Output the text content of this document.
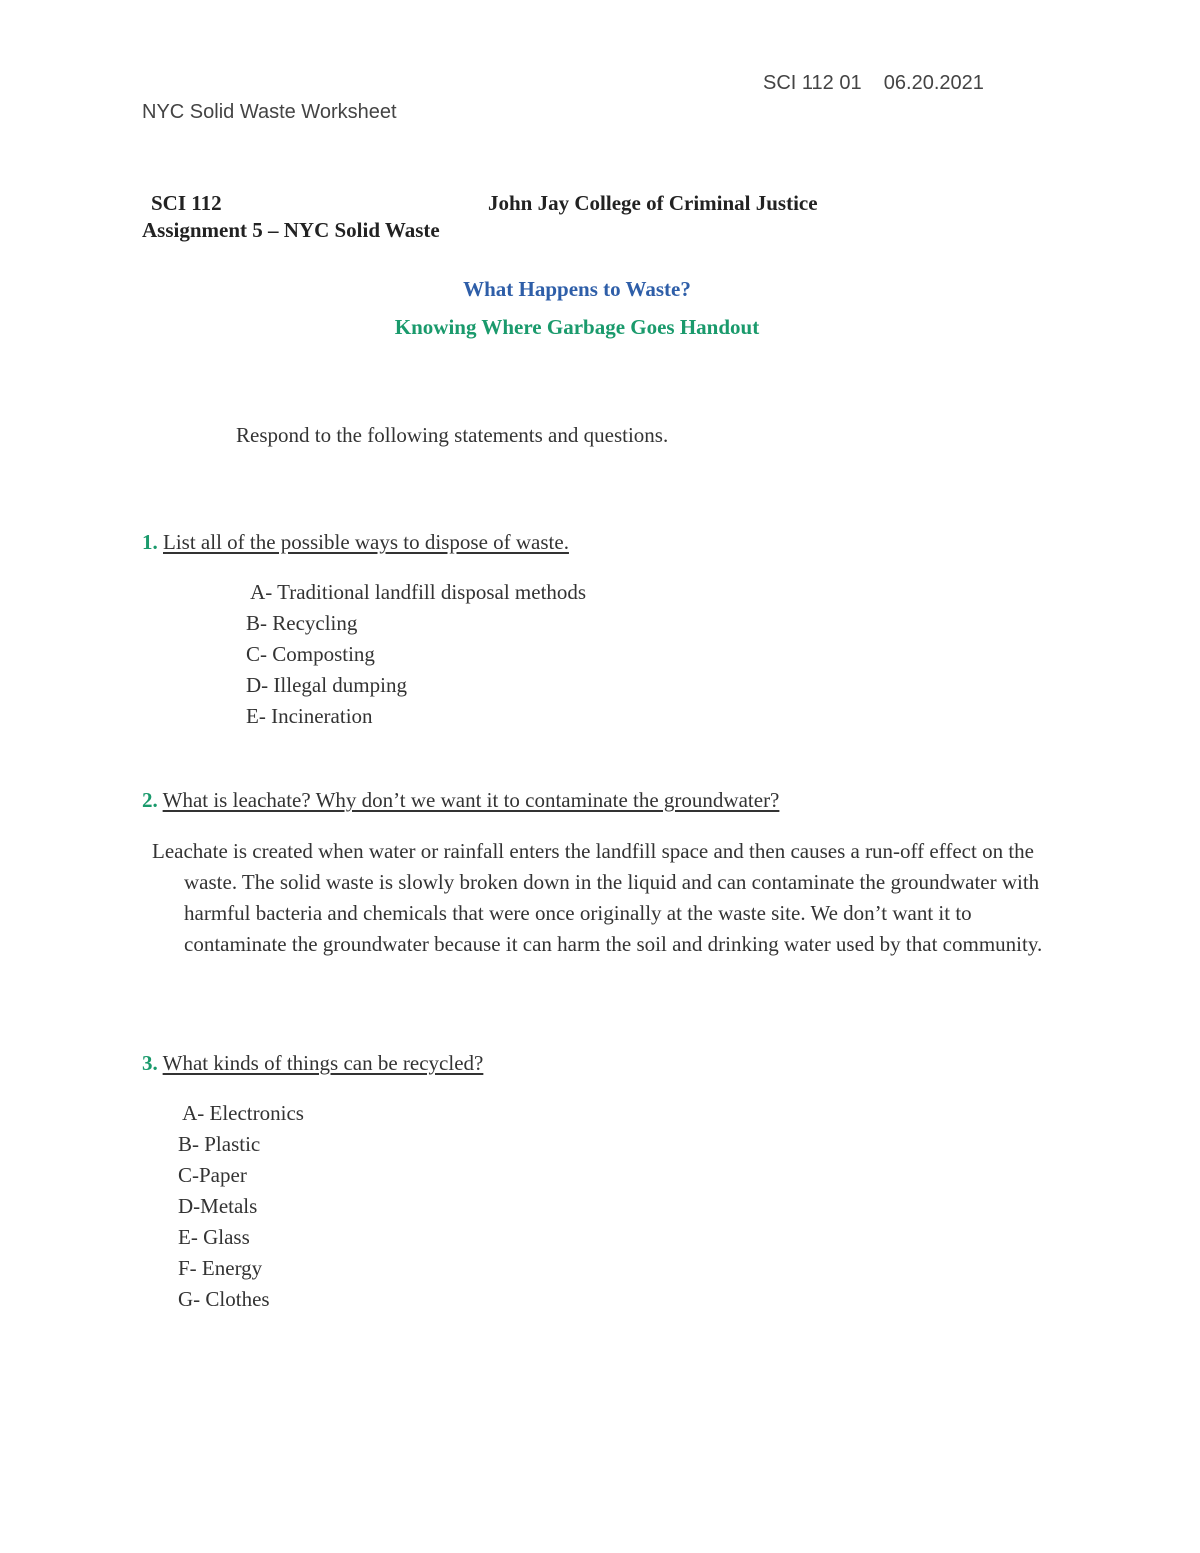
SCI 112 01    06.20.2021
NYC Solid Waste Worksheet
SCI 112	John Jay College of Criminal Justice
Assignment 5 – NYC Solid Waste
What Happens to Waste?
Knowing Where Garbage Goes Handout
Respond to the following statements and questions.
1. List all of the possible ways to dispose of waste.
A- Traditional landfill disposal methods
B- Recycling
C- Composting
D- Illegal dumping
E- Incineration
2. What is leachate? Why don’t we want it to contaminate the groundwater?
Leachate is created when water or rainfall enters the landfill space and then causes a run-off effect on the waste. The solid waste is slowly broken down in the liquid and can contaminate the groundwater with harmful bacteria and chemicals that were once originally at the waste site. We don’t want it to contaminate the groundwater because it can harm the soil and drinking water used by that community.
3. What kinds of things can be recycled?
A- Electronics
B- Plastic
C-Paper
D-Metals
E- Glass
F- Energy
G- Clothes
